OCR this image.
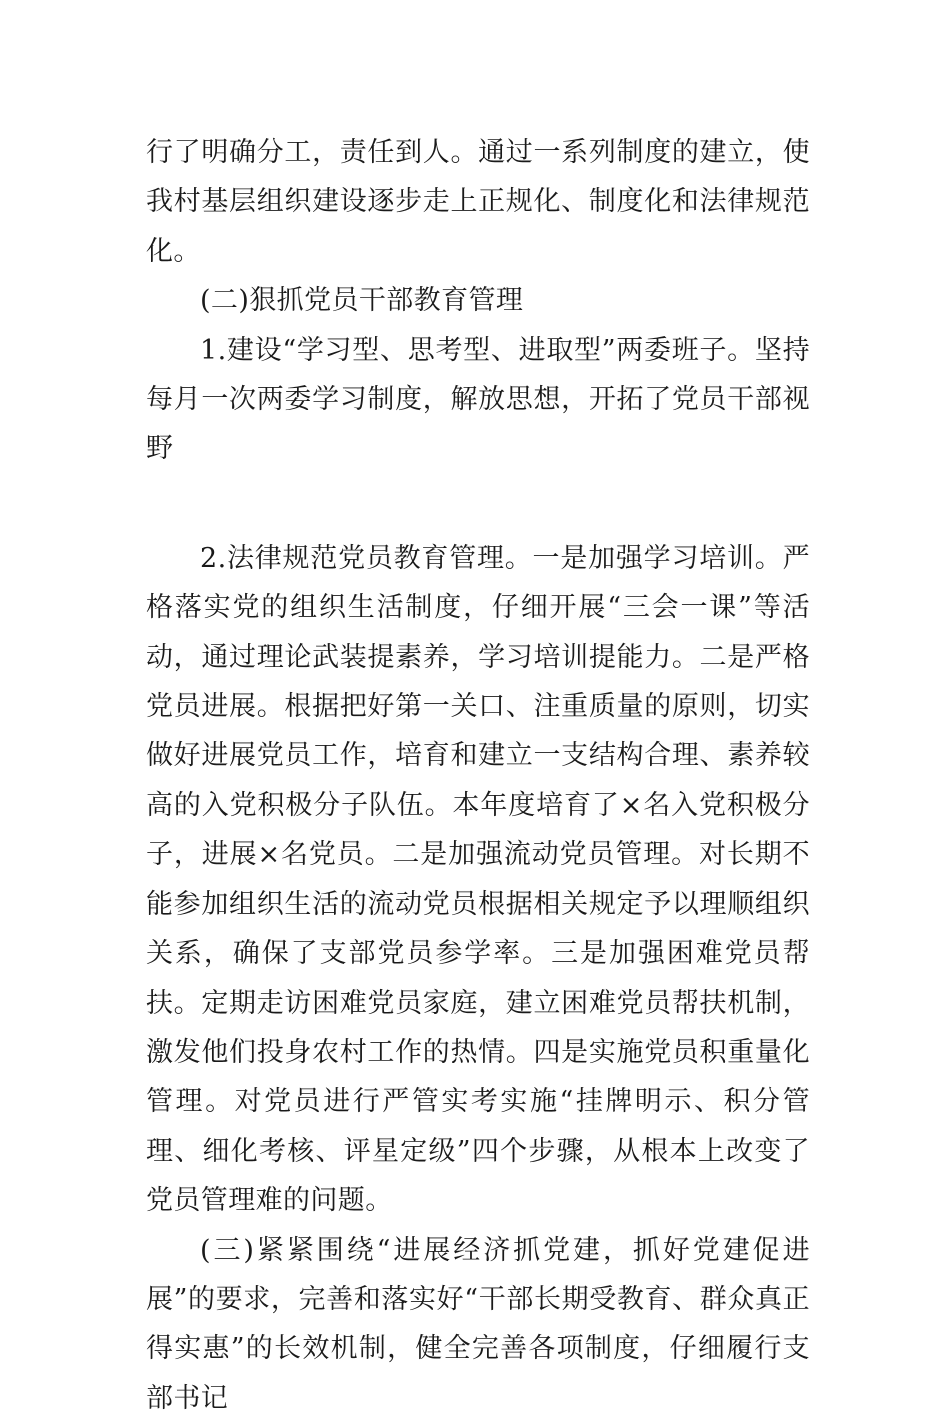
行了明确分工，责任到人。通过一系列制度的建立，使我村基层组织建设逐步走上正规化、制度化和法律规范化。

(二)狠抓党员干部教育管理

1.建设“学习型、思考型、进取型”两委班子。坚持每月一次两委学习制度，解放思想，开拓了党员干部视野

2.法律规范党员教育管理。一是加强学习培训。严格落实党的组织生活制度，仔细开展“三会一课”等活动，通过理论武装提素养，学习培训提能力。二是严格党员进展。根据把好第一关口、注重质量的原则，切实做好进展党员工作，培育和建立一支结构合理、素养较高的入党积极分子队伍。本年度培育了×名入党积极分子，进展×名党员。二是加强流动党员管理。对长期不能参加组织生活的流动党员根据相关规定予以理顺组织关系，确保了支部党员参学率。三是加强困难党员帮扶。定期走访困难党员家庭，建立困难党员帮扶机制，激发他们投身农村工作的热情。四是实施党员积重量化管理。对党员进行严管实考实施“挂牌明示、积分管理、细化考核、评星定级”四个步骤，从根本上改变了党员管理难的问题。

(三)紧紧围绕“进展经济抓党建，抓好党建促进展”的要求，完善和落实好“干部长期受教育、群众真正得实惠”的长效机制，健全完善各项制度，仔细履行支部书记
